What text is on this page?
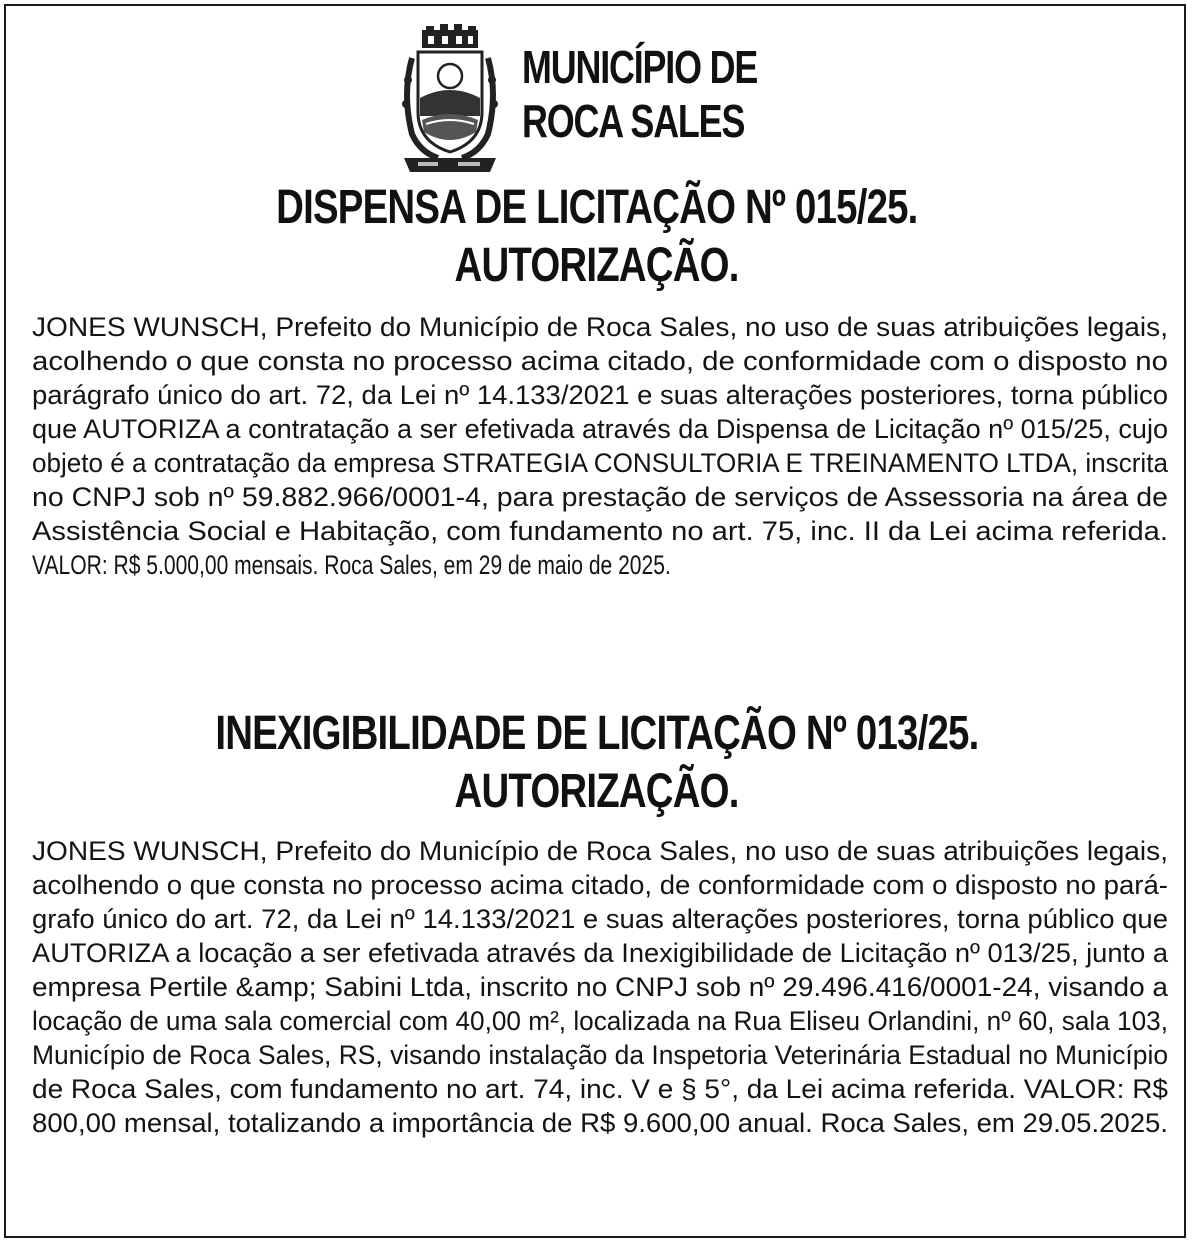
MUNICÍPIO DE
ROCA SALES
DISPENSA DE LICITAÇÃO Nº 015/25.
AUTORIZAÇÃO.
JONES WUNSCH, Prefeito do Município de Roca Sales, no uso de suas atribuições legais,
acolhendo o que consta no processo acima citado, de conformidade com o disposto no
parágrafo único do art. 72, da Lei nº 14.133/2021 e suas alterações posteriores, torna público
que AUTORIZA a contratação a ser efetivada através da Dispensa de Licitação nº 015/25, cujo
objeto é a contratação da empresa STRATEGIA CONSULTORIA E TREINAMENTO LTDA, inscrita
no CNPJ sob nº 59.882.966/0001-4, para prestação de serviços de Assessoria na área de
Assistência Social e Habitação, com fundamento no art. 75, inc. II da Lei acima referida.
VALOR: R$ 5.000,00 mensais. Roca Sales, em 29 de maio de 2025.
INEXIGIBILIDADE DE LICITAÇÃO Nº 013/25.
AUTORIZAÇÃO.
JONES WUNSCH, Prefeito do Município de Roca Sales, no uso de suas atribuições legais,
acolhendo o que consta no processo acima citado, de conformidade com o disposto no pará-
grafo único do art. 72, da Lei nº 14.133/2021 e suas alterações posteriores, torna público que
AUTORIZA a locação a ser efetivada através da Inexigibilidade de Licitação nº 013/25, junto a
empresa Pertile &amp; Sabini Ltda, inscrito no CNPJ sob nº 29.496.416/0001-24, visando a
locação de uma sala comercial com 40,00 m², localizada na Rua Eliseu Orlandini, nº 60, sala 103,
Município de Roca Sales, RS, visando instalação da Inspetoria Veterinária Estadual no Município
de Roca Sales, com fundamento no art. 74, inc. V e § 5°, da Lei acima referida. VALOR: R$
800,00 mensal, totalizando a importância de R$ 9.600,00 anual. Roca Sales, em 29.05.2025.
